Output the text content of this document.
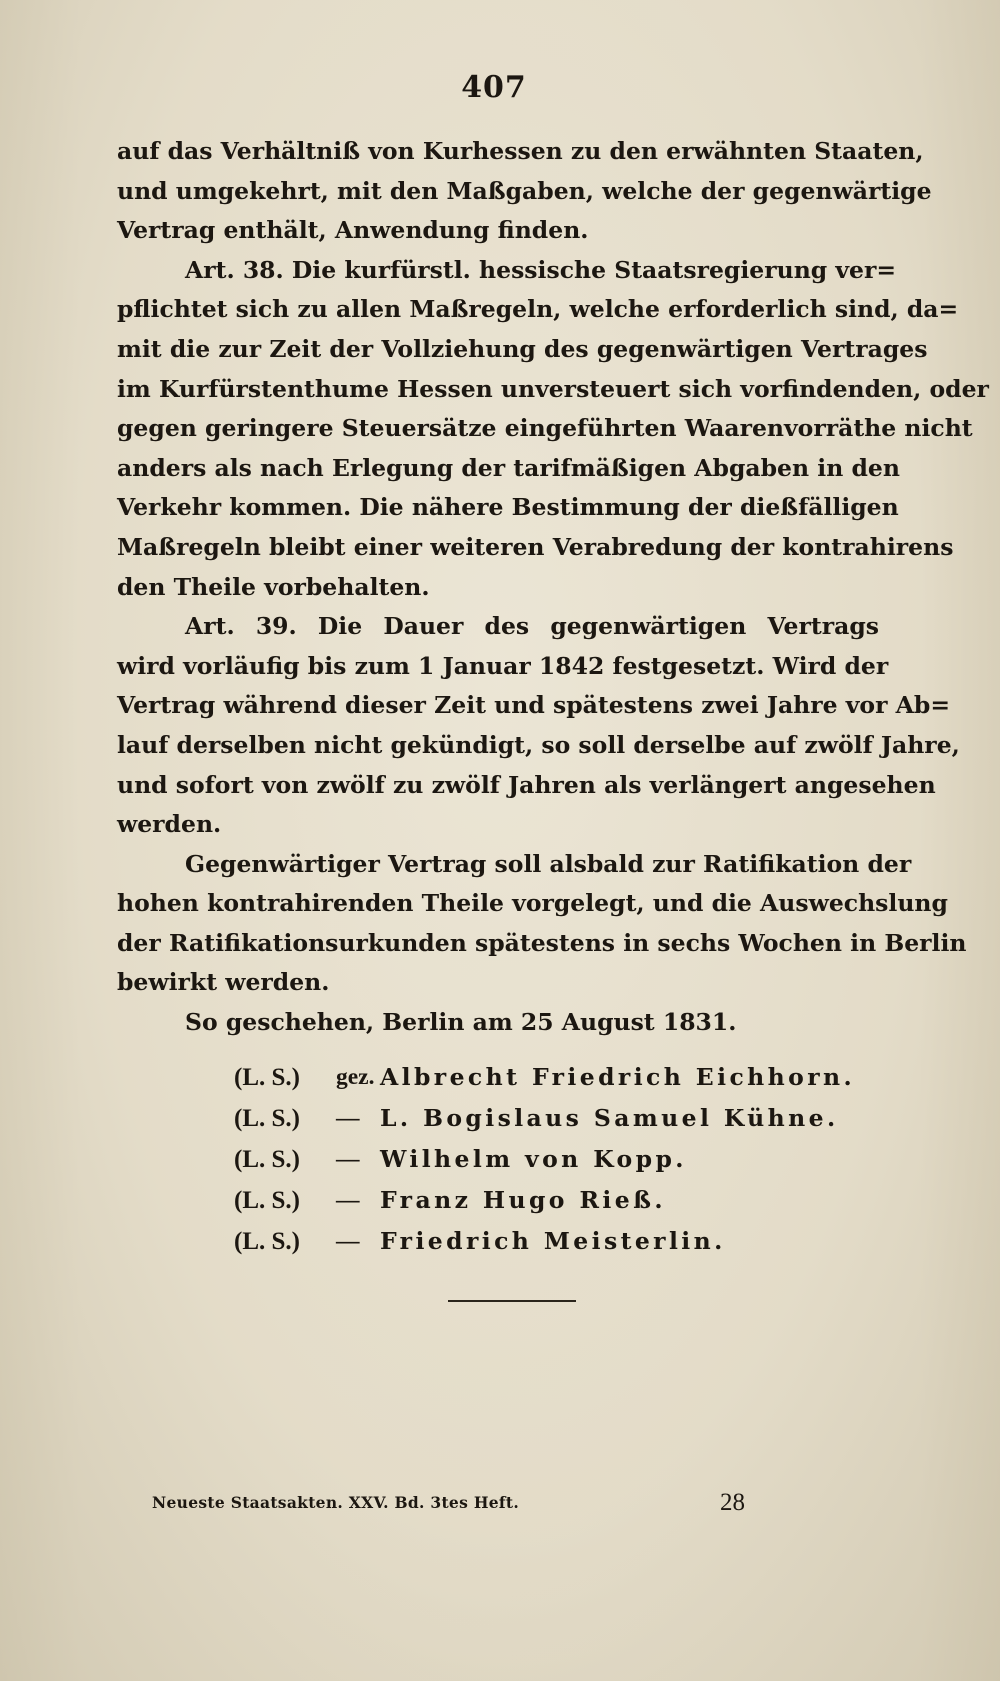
407
auf das Verhältniß von Kurhessen zu den erwähnten Staaten,
und umgekehrt, mit den Maßgaben, welche der gegenwärtige
Vertrag enthält, Anwendung finden.
Art. 38. Die kurfürstl. hessische Staatsregierung ver=
pflichtet sich zu allen Maßregeln, welche erforderlich sind, da=
mit die zur Zeit der Vollziehung des gegenwärtigen Vertrages
im Kurfürstenthume Hessen unversteuert sich vorfindenden, oder
gegen geringere Steuersätze eingeführten Waarenvorräthe nicht
anders als nach Erlegung der tarifmäßigen Abgaben in den
Verkehr kommen. Die nähere Bestimmung der dießfälligen
Maßregeln bleibt einer weiteren Verabredung der kontrahirens
den Theile vorbehalten.
Art. 39. Die Dauer des gegenwärtigen Vertrags
wird vorläufig bis zum 1 Januar 1842 festgesetzt. Wird der
Vertrag während dieser Zeit und spätestens zwei Jahre vor Ab=
lauf derselben nicht gekündigt, so soll derselbe auf zwölf Jahre,
und sofort von zwölf zu zwölf Jahren als verlängert angesehen
werden.
Gegenwärtiger Vertrag soll alsbald zur Ratifikation der
hohen kontrahirenden Theile vorgelegt, und die Auswechslung
der Ratifikationsurkunden spätestens in sechs Wochen in Berlin
bewirkt werden.
So geschehen, Berlin am 25 August 1831.
(L. S.)	gez. Albrecht Friedrich Eichhorn.
(L. S.)	— L. Bogislaus Samuel Kühne.
(L. S.)	— Wilhelm von Kopp.
(L. S.)	— Franz Hugo Rieß.
(L. S.)	— Friedrich Meisterlin.
Neueste Staatsakten. XXV. Bd. 3tes Heft.	28
